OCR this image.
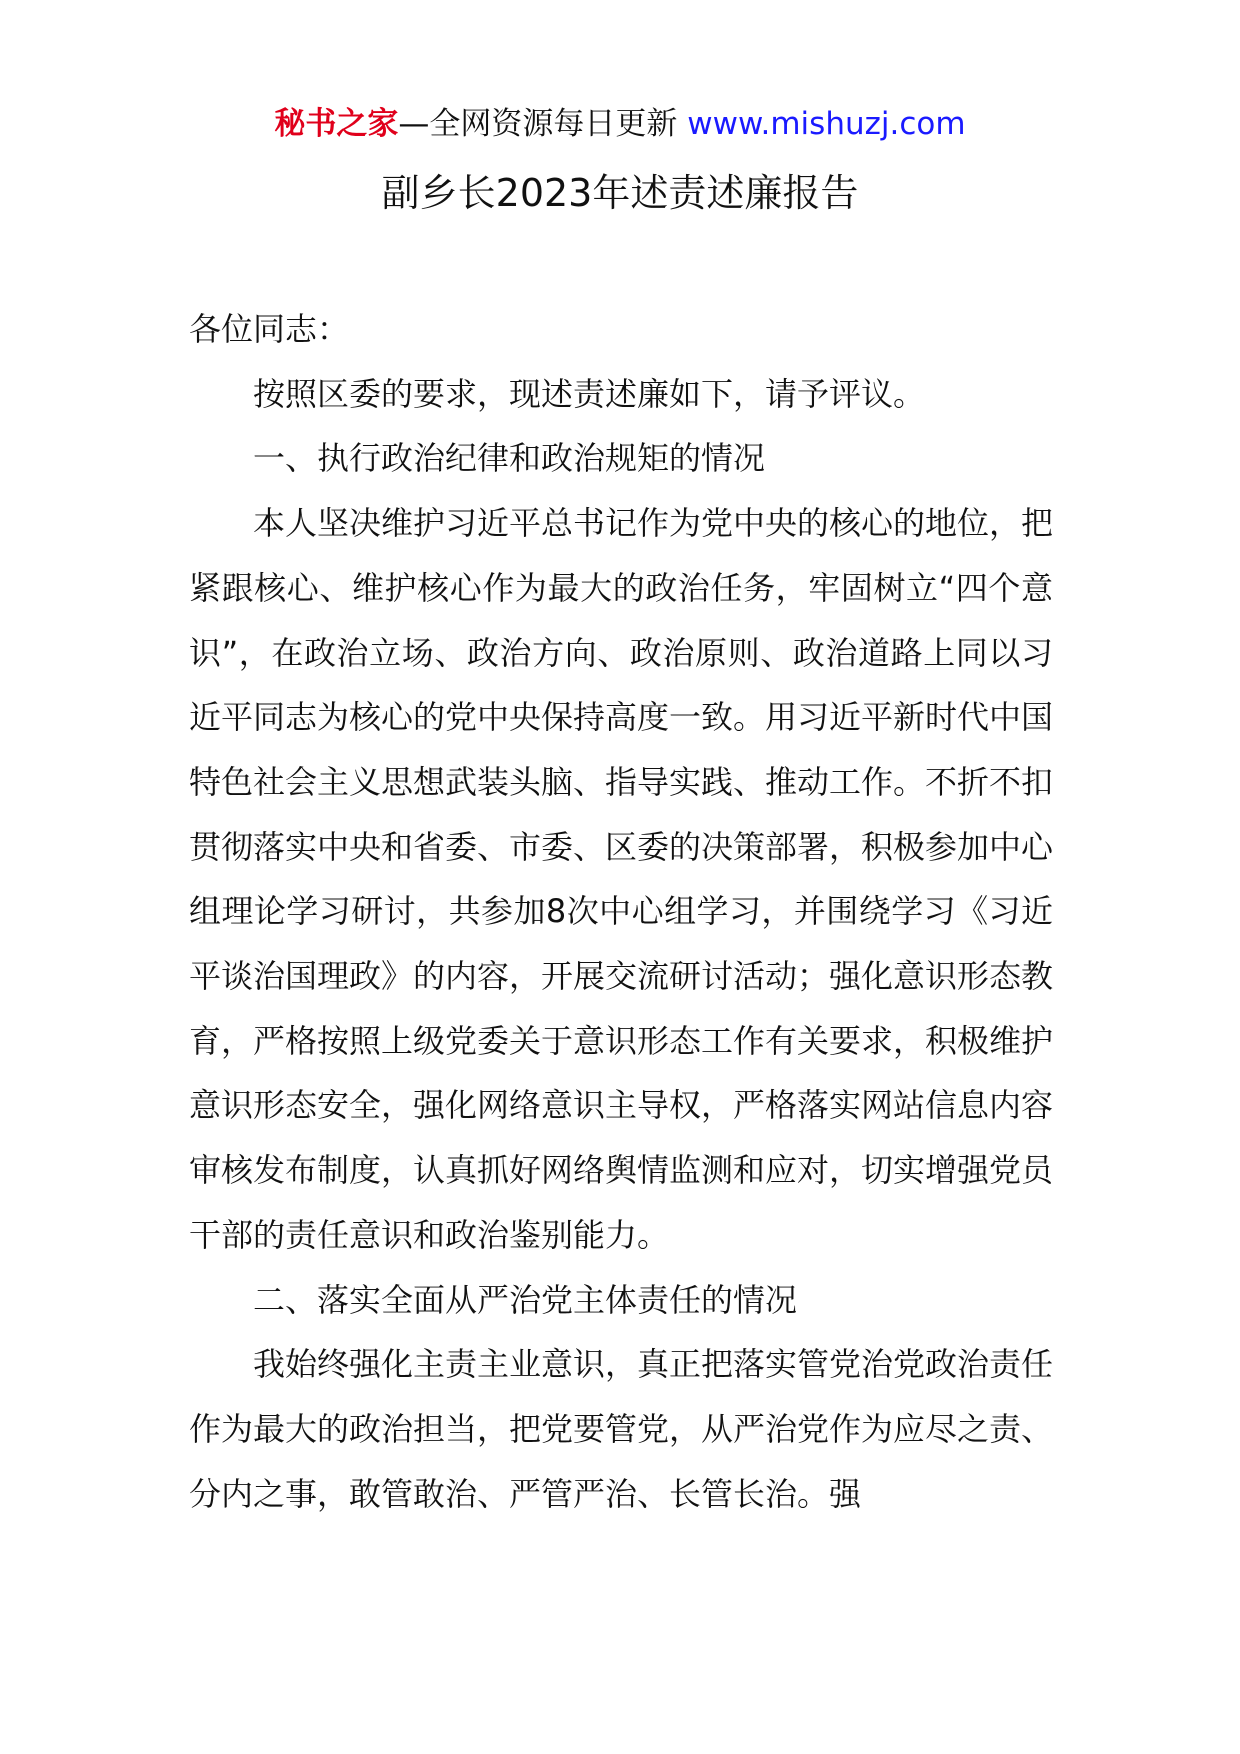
秘书之家—全网资源每日更新 www.mishuzj.com
副乡长2023年述责述廉报告

各位同志：

按照区委的要求，现述责述廉如下，请予评议。

一、执行政治纪律和政治规矩的情况

本人坚决维护习近平总书记作为党中央的核心的地位，把紧跟核心、维护核心作为最大的政治任务，牢固树立“四个意识”，在政治立场、政治方向、政治原则、政治道路上同以习近平同志为核心的党中央保持高度一致。用习近平新时代中国特色社会主义思想武装头脑、指导实践、推动工作。不折不扣贯彻落实中央和省委、市委、区委的决策部署，积极参加中心组理论学习研讨，共参加8次中心组学习，并围绕学习《习近平谈治国理政》的内容，开展交流研讨活动；强化意识形态教育，严格按照上级党委关于意识形态工作有关要求，积极维护意识形态安全，强化网络意识主导权，严格落实网站信息内容审核发布制度，认真抓好网络舆情监测和应对，切实增强党员干部的责任意识和政治鉴别能力。

二、落实全面从严治党主体责任的情况

我始终强化主责主业意识，真正把落实管党治党政治责任作为最大的政治担当，把党要管党，从严治党作为应尽之责、分内之事，敢管敢治、严管严治、长管长治。强
